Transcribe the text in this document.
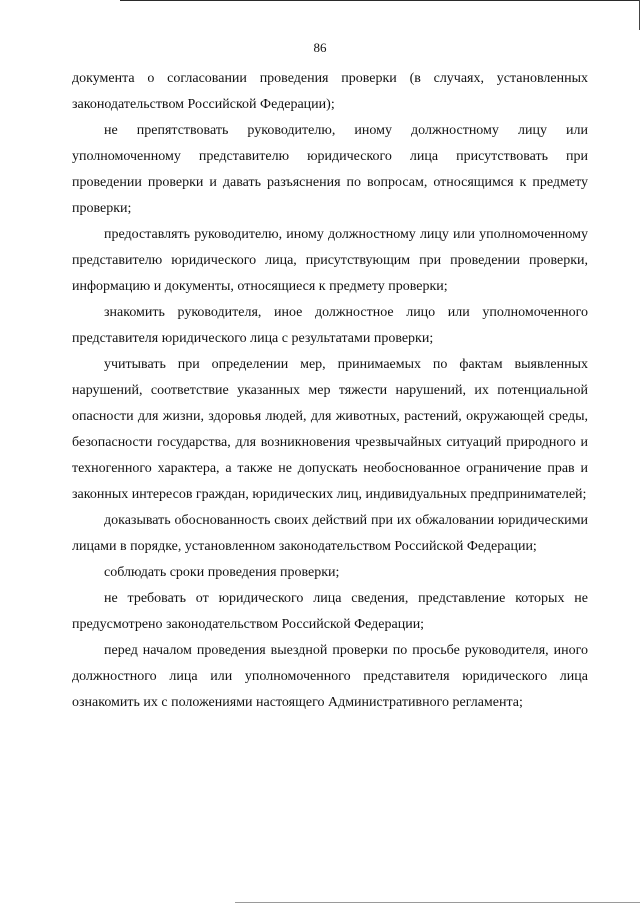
86

документа о согласовании проведения проверки (в случаях, установленных законодательством Российской Федерации);

не препятствовать руководителю, иному должностному лицу или уполномоченному представителю юридического лица присутствовать при проведении проверки и давать разъяснения по вопросам, относящимся к предмету проверки;

предоставлять руководителю, иному должностному лицу или уполномоченному представителю юридического лица, присутствующим при проведении проверки, информацию и документы, относящиеся к предмету проверки;

знакомить руководителя, иное должностное лицо или уполномоченного представителя юридического лица с результатами проверки;

учитывать при определении мер, принимаемых по фактам выявленных нарушений, соответствие указанных мер тяжести нарушений, их потенциальной опасности для жизни, здоровья людей, для животных, растений, окружающей среды, безопасности государства, для возникновения чрезвычайных ситуаций природного и техногенного характера, а также не допускать необоснованное ограничение прав и законных интересов граждан, юридических лиц, индивидуальных предпринимателей;

доказывать обоснованность своих действий при их обжаловании юридическими лицами в порядке, установленном законодательством Российской Федерации;

соблюдать сроки проведения проверки;

не требовать от юридического лица сведения, представление которых не предусмотрено законодательством Российской Федерации;

перед началом проведения выездной проверки по просьбе руководителя, иного должностного лица или уполномоченного представителя юридического лица ознакомить их с положениями настоящего Административного регламента;
